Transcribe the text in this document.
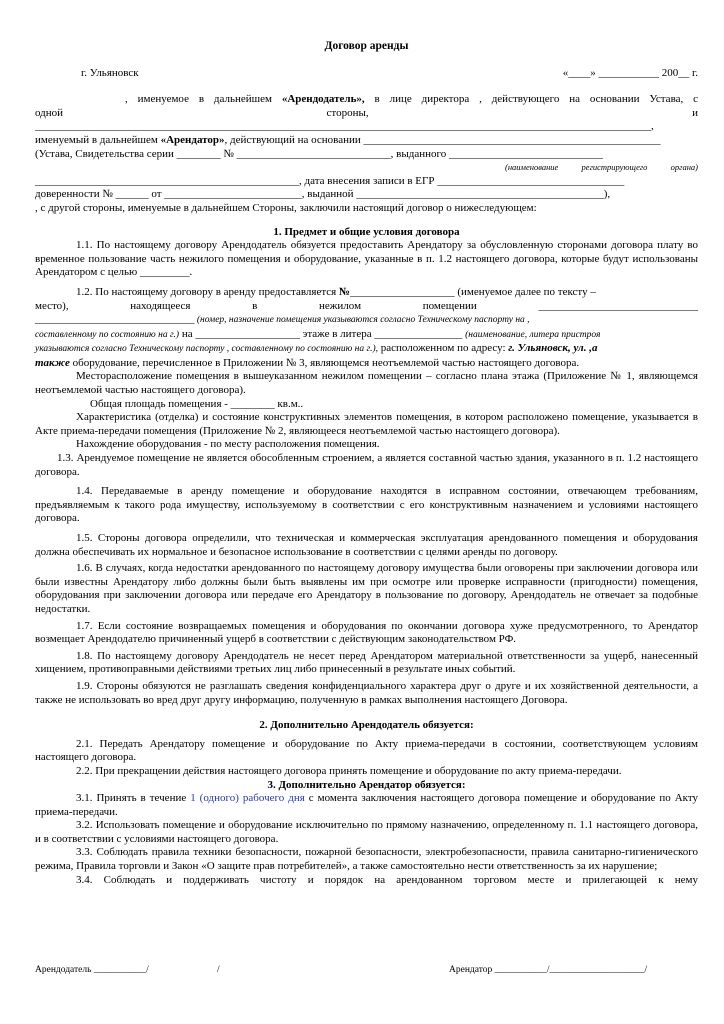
Договор аренды
г. Ульяновск	«____» ___________ 200__ г.

, именуемое в дальнейшем «Арендодатель», в лице директора , действующего на основании Устава, с

одной	стороны,	и

________________________________________________________________________________________________________________,

именуемый в дальнейшем «Арендатор», действующий на основании ______________________________________________________

(Устава, Свидетельства серии ________ № ____________________________, выданного ____________________________

(наименование регистрирующего органа)

________________________________________________, дата внесения записи в ЕГР __________________________________

доверенности № ______ от _________________________, выданной _____________________________________________),

, с другой стороны, именуемые в дальнейшем Стороны, заключили настоящий договор о нижеследующем:

1. Предмет и общие условия договора

1.1. По настоящему договору Арендодатель обязуется предоставить Арендатору за обусловленную сторонами договора плату во временное пользование часть нежилого помещения и оборудование, указанные в п. 1.2 настоящего договора, которые будут использованы Арендатором с целью _________.

1.2. По настоящему договору в аренду предоставляется №___________________ (именуемое далее по тексту –

место), находящееся в нежилом помещении	_____________________________

_____________________________ (номер, назначение помещения указываются согласно Техническому паспорту на ,

составленному по состоянию на г.) на ___________________ этаже в литера ________________ (наименование, литера пристроя

указываются согласно Техническому паспорту , составленному по состоянию на г.), расположенном по адресу: г. Ульяновск, ул. ,а

также оборудование, перечисленное в Приложении № 3, являющемся неотъемлемой частью настоящего договора.

Месторасположение помещения в вышеуказанном нежилом помещении – согласно плана этажа (Приложение № 1, являющемся неотъемлемой частью настоящего договора).

Общая площадь помещения - ________ кв.м..

Характеристика (отделка) и состояние конструктивных элементов помещения, в котором расположено помещение, указывается в Акте приема-передачи помещения (Приложение № 2, являющееся неотъемлемой частью настоящего договора).

Нахождение оборудования - по месту расположения помещения.

1.3. Арендуемое помещение не является обособленным строением, а является составной частью здания, указанного в п. 1.2 настоящего договора.

1.4. Передаваемые в аренду помещение и оборудование находятся в исправном состоянии, отвечающем требованиям, предъявляемым к такого рода имуществу, используемому в соответствии с его конструктивным назначением и условиями настоящего договора.

1.5. Стороны договора определили, что техническая и коммерческая эксплуатация арендованного помещения и оборудования должна обеспечивать их нормальное и безопасное использование в соответствии с целями аренды по договору.

1.6. В случаях, когда недостатки арендованного по настоящему договору имущества были оговорены при заключении договора или были известны Арендатору либо должны были быть выявлены им при осмотре или проверке исправности (пригодности) помещения, оборудования при заключении договора или передаче его Арендатору в пользование по договору, Арендодатель не отвечает за подобные недостатки.

1.7. Если состояние возвращаемых помещения и оборудования по окончании договора хуже предусмотренного, то Арендатор возмещает Арендодателю причиненный ущерб в соответствии с действующим законодательством РФ.

1.8. По настоящему договору Арендодатель не несет перед Арендатором материальной ответственности за ущерб, нанесенный хищением, противоправными действиями третьих лиц либо принесенный в результате иных событий.

1.9. Стороны обязуются не разглашать сведения конфиденциального характера друг о друге и их хозяйственной деятельности, а также не использовать во вред друг другу информацию, полученную в рамках выполнения настоящего Договора.

2. Дополнительно Арендодатель обязуется:

2.1. Передать Арендатору помещение и оборудование по Акту приема-передачи в состоянии, соответствующем условиям настоящего договора.

2.2. При прекращении действия настоящего договора принять помещение и оборудование по акту приема-передачи.

3. Дополнительно Арендатор обязуется:

3.1. Принять в течение 1 (одного) рабочего дня с момента заключения настоящего договора помещение и оборудование по Акту приема-передачи.

3.2. Использовать помещение и оборудование исключительно по прямому назначению, определенному п. 1.1 настоящего договора, и в соответствии с условиями настоящего договора.

3.3. Соблюдать правила техники безопасности, пожарной безопасности, электробезопасности, правила санитарно-гигиенического режима, Правила торговли и Закон «О защите прав потребителей», а также самостоятельно нести ответственность за их нарушение;

3.4. Соблюдать и поддерживать чистоту и порядок на арендованном торговом месте и прилегающей к нему

Арендодатель ___________/	/	Арендатор ___________/____________________/
